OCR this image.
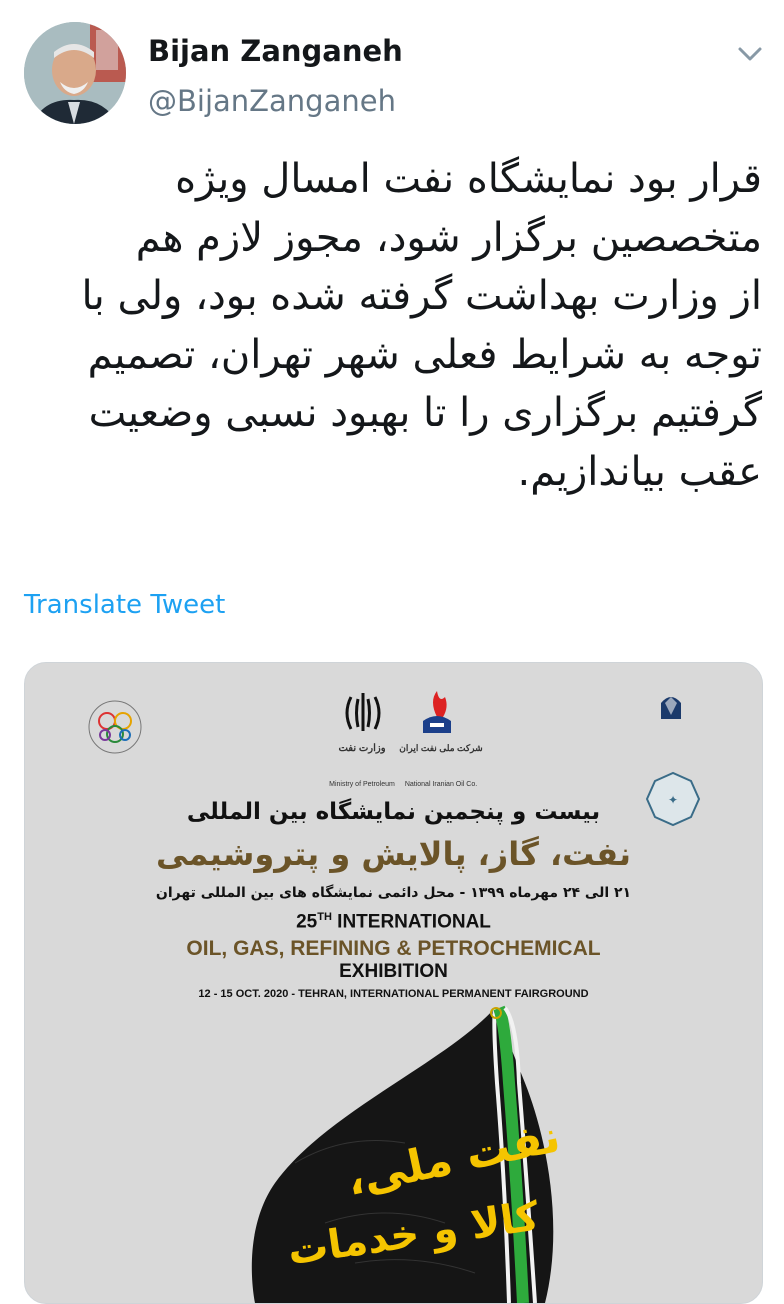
Bijan Zanganeh
@BijanZanganeh
قرار بود نمایشگاه نفت امسال ویژه
متخصصین برگزار شود، مجوز لازم هم
از وزارت بهداشت گرفته شده بود، ولی با
توجه به شرایط فعلی شهر تهران، تصمیم
گرفتیم برگزاری را تا بهبود نسبی وضعیت
عقب بیاندازیم.
Translate Tweet
✦
Ministry of Petroleum
وزارت نفت
National Iranian Oil Co.
شرکت ملی نفت ایران
بیست و پنجمین نمایشگاه بین المللی
نفت، گاز، پالایش و پتروشیمی
۲۱ الی ۲۴ مهرماه ۱۳۹۹ - محل دائمی نمایشگاه های بین المللی تهران
25TH INTERNATIONAL
OIL, GAS, REFINING & PETROCHEMICAL
EXHIBITION
12 - 15 OCT. 2020 - TEHRAN, INTERNATIONAL PERMANENT FAIRGROUND
نفت ملی،
کالا و خدمات
